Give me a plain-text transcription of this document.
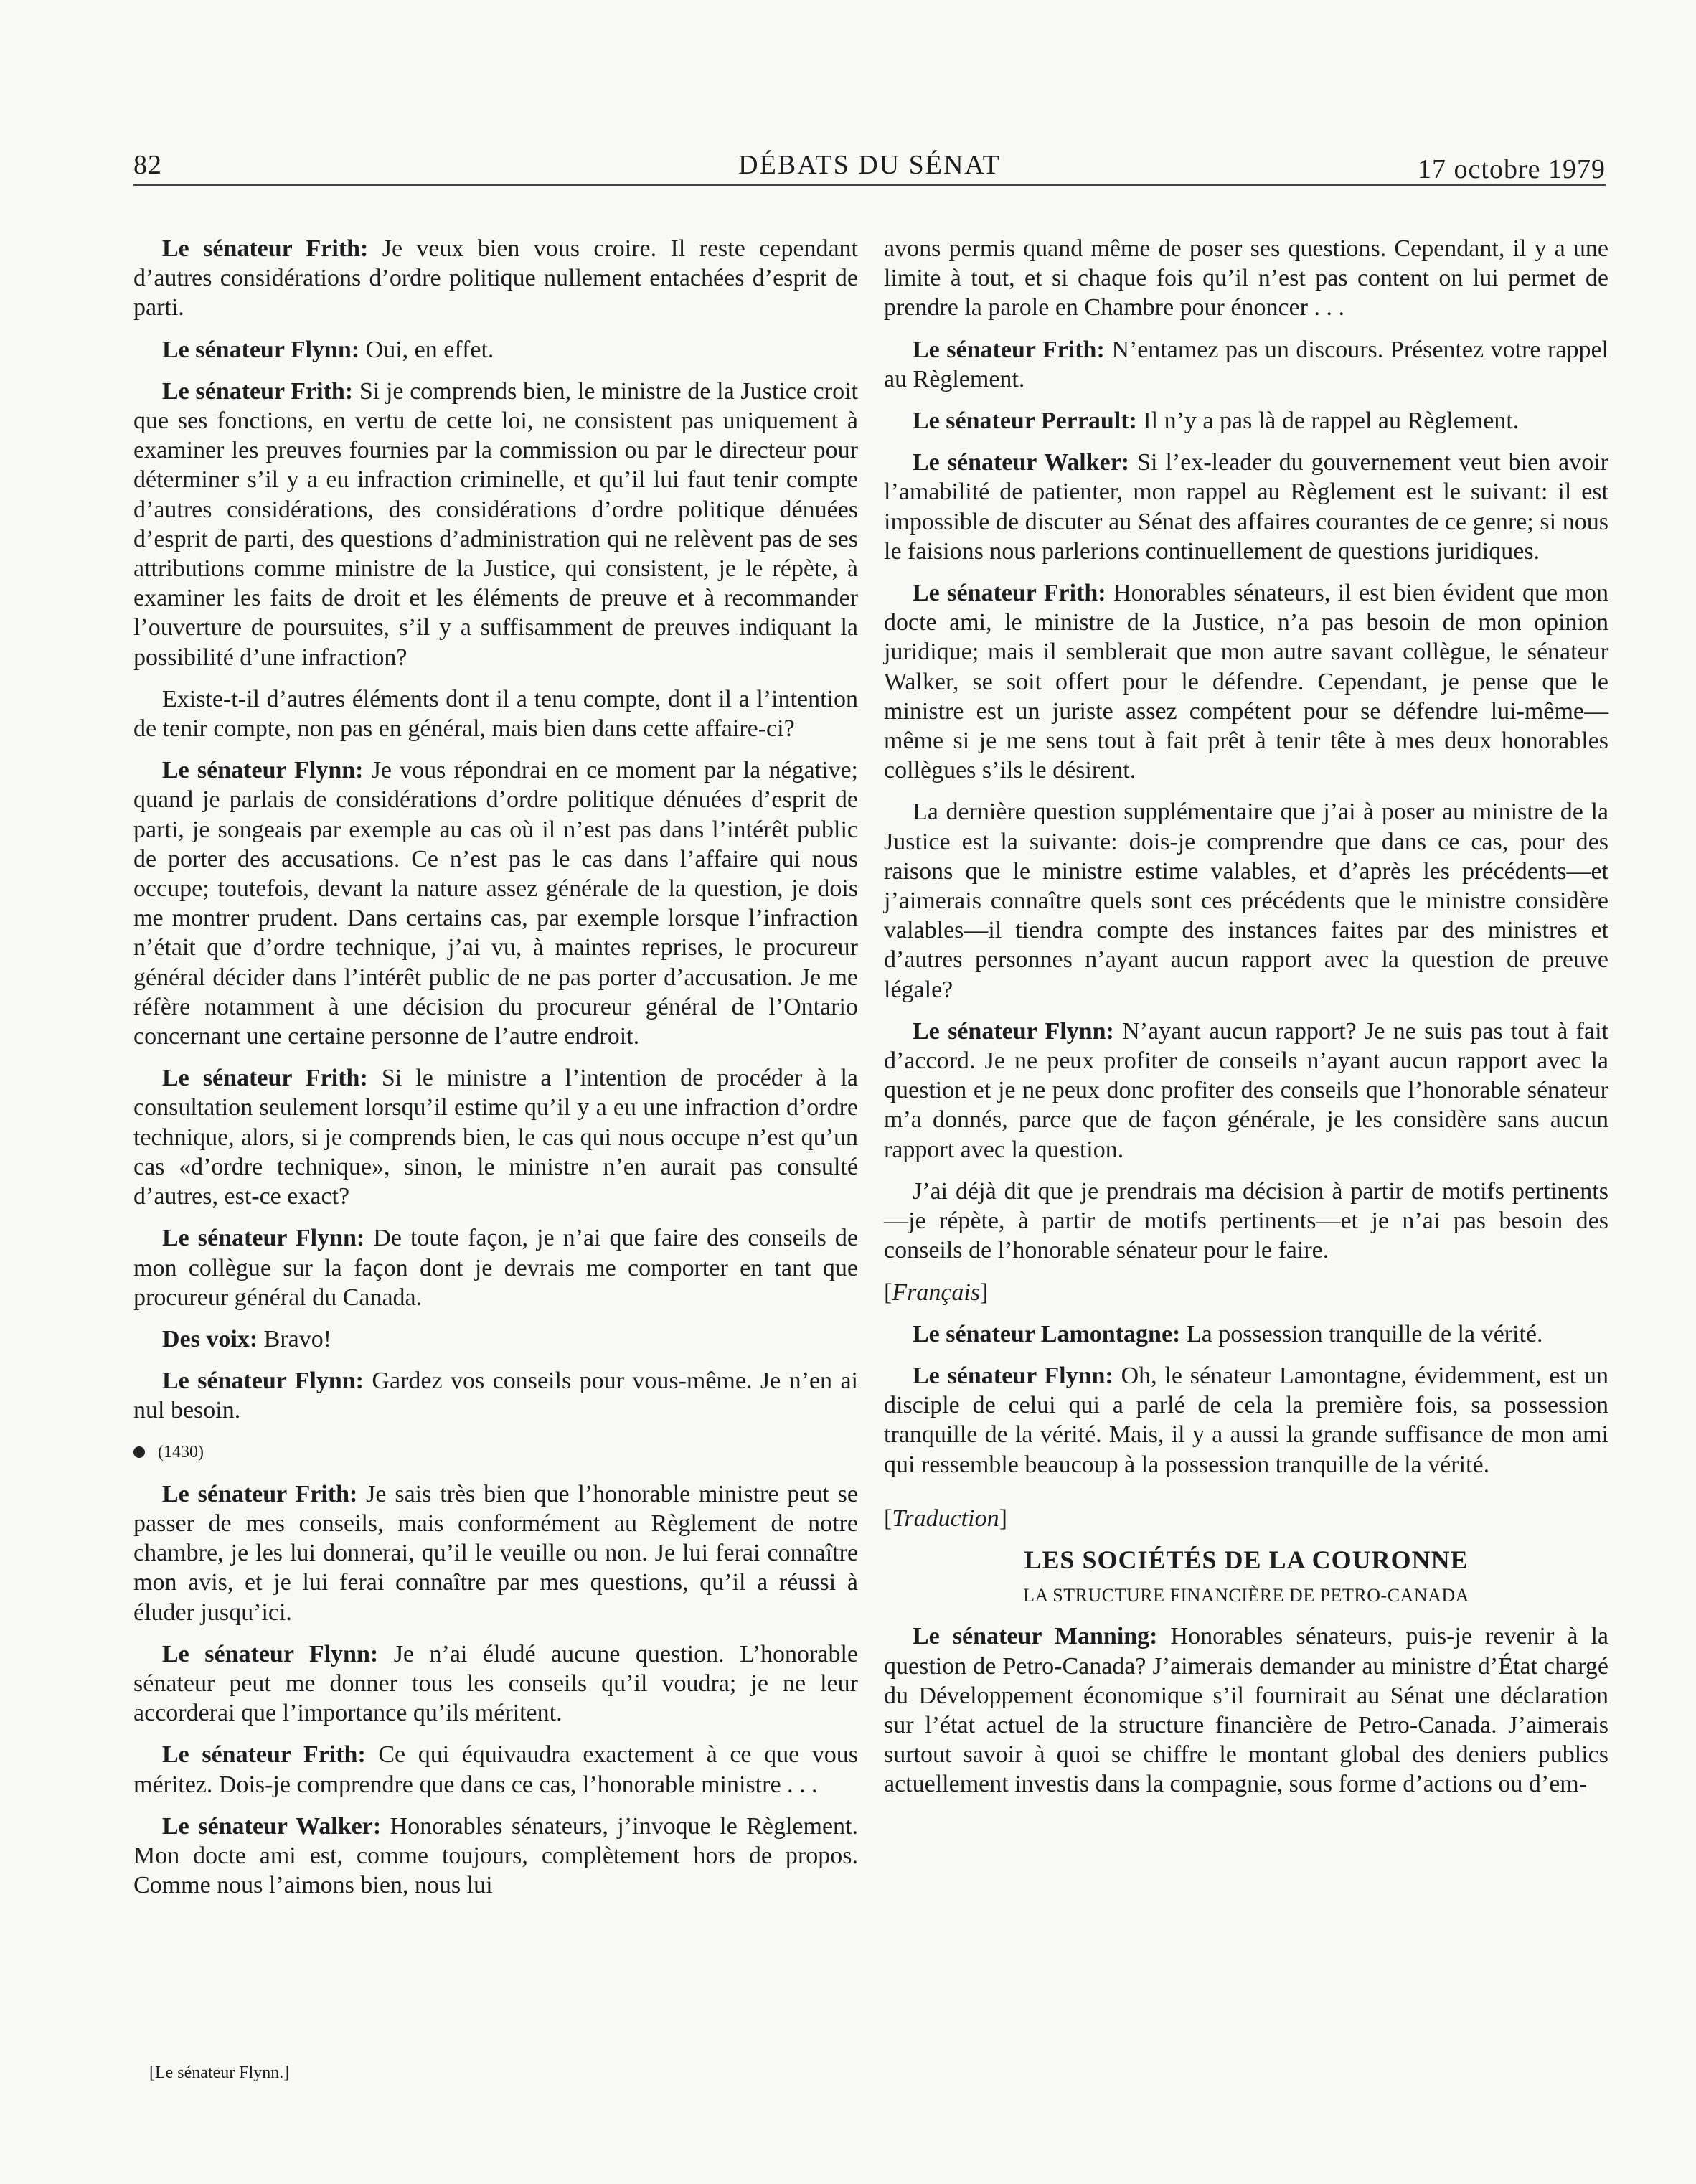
82	DÉBATS DU SÉNAT	17 octobre 1979

Le sénateur Frith: Je veux bien vous croire. Il reste cependant d’autres considérations d’ordre politique nullement entachées d’esprit de parti.

Le sénateur Flynn: Oui, en effet.

Le sénateur Frith: Si je comprends bien, le ministre de la Justice croit que ses fonctions, en vertu de cette loi, ne consistent pas uniquement à examiner les preuves fournies par la commission ou par le directeur pour déterminer s’il y a eu infraction criminelle, et qu’il lui faut tenir compte d’autres considérations, des considérations d’ordre politique dénuées d’esprit de parti, des questions d’administration qui ne relèvent pas de ses attributions comme ministre de la Justice, qui consistent, je le répète, à examiner les faits de droit et les éléments de preuve et à recommander l’ouverture de poursuites, s’il y a suffisamment de preuves indiquant la possibilité d’une infraction?

Existe-t-il d’autres éléments dont il a tenu compte, dont il a l’intention de tenir compte, non pas en général, mais bien dans cette affaire-ci?

Le sénateur Flynn: Je vous répondrai en ce moment par la négative; quand je parlais de considérations d’ordre politique dénuées d’esprit de parti, je songeais par exemple au cas où il n’est pas dans l’intérêt public de porter des accusations. Ce n’est pas le cas dans l’affaire qui nous occupe; toutefois, devant la nature assez générale de la question, je dois me montrer prudent. Dans certains cas, par exemple lorsque l’infraction n’était que d’ordre technique, j’ai vu, à maintes reprises, le procureur général décider dans l’intérêt public de ne pas porter d’accusation. Je me réfère notamment à une décision du procureur général de l’Ontario concernant une certaine personne de l’autre endroit.

Le sénateur Frith: Si le ministre a l’intention de procéder à la consultation seulement lorsqu’il estime qu’il y a eu une infraction d’ordre technique, alors, si je comprends bien, le cas qui nous occupe n’est qu’un cas «d’ordre technique», sinon, le ministre n’en aurait pas consulté d’autres, est-ce exact?

Le sénateur Flynn: De toute façon, je n’ai que faire des conseils de mon collègue sur la façon dont je devrais me comporter en tant que procureur général du Canada.

Des voix: Bravo!

Le sénateur Flynn: Gardez vos conseils pour vous-même. Je n’en ai nul besoin.

(1430)

Le sénateur Frith: Je sais très bien que l’honorable ministre peut se passer de mes conseils, mais conformément au Règlement de notre chambre, je les lui donnerai, qu’il le veuille ou non. Je lui ferai connaître mon avis, et je lui ferai connaître par mes questions, qu’il a réussi à éluder jusqu’ici.

Le sénateur Flynn: Je n’ai éludé aucune question. L’honorable sénateur peut me donner tous les conseils qu’il voudra; je ne leur accorderai que l’importance qu’ils méritent.

Le sénateur Frith: Ce qui équivaudra exactement à ce que vous méritez. Dois-je comprendre que dans ce cas, l’honorable ministre . . .

Le sénateur Walker: Honorables sénateurs, j’invoque le Règlement. Mon docte ami est, comme toujours, complètement hors de propos. Comme nous l’aimons bien, nous lui

avons permis quand même de poser ses questions. Cependant, il y a une limite à tout, et si chaque fois qu’il n’est pas content on lui permet de prendre la parole en Chambre pour énoncer . . .

Le sénateur Frith: N’entamez pas un discours. Présentez votre rappel au Règlement.

Le sénateur Perrault: Il n’y a pas là de rappel au Règlement.

Le sénateur Walker: Si l’ex-leader du gouvernement veut bien avoir l’amabilité de patienter, mon rappel au Règlement est le suivant: il est impossible de discuter au Sénat des affaires courantes de ce genre; si nous le faisions nous parlerions continuellement de questions juridiques.

Le sénateur Frith: Honorables sénateurs, il est bien évident que mon docte ami, le ministre de la Justice, n’a pas besoin de mon opinion juridique; mais il semblerait que mon autre savant collègue, le sénateur Walker, se soit offert pour le défendre. Cependant, je pense que le ministre est un juriste assez compétent pour se défendre lui-même—même si je me sens tout à fait prêt à tenir tête à mes deux honorables collègues s’ils le désirent.

La dernière question supplémentaire que j’ai à poser au ministre de la Justice est la suivante: dois-je comprendre que dans ce cas, pour des raisons que le ministre estime valables, et d’après les précédents—et j’aimerais connaître quels sont ces précédents que le ministre considère valables—il tiendra compte des instances faites par des ministres et d’autres personnes n’ayant aucun rapport avec la question de preuve légale?

Le sénateur Flynn: N’ayant aucun rapport? Je ne suis pas tout à fait d’accord. Je ne peux profiter de conseils n’ayant aucun rapport avec la question et je ne peux donc profiter des conseils que l’honorable sénateur m’a donnés, parce que de façon générale, je les considère sans aucun rapport avec la question.

J’ai déjà dit que je prendrais ma décision à partir de motifs pertinents—je répète, à partir de motifs pertinents—et je n’ai pas besoin des conseils de l’honorable sénateur pour le faire.

[Français]

Le sénateur Lamontagne: La possession tranquille de la vérité.

Le sénateur Flynn: Oh, le sénateur Lamontagne, évidemment, est un disciple de celui qui a parlé de cela la première fois, sa possession tranquille de la vérité. Mais, il y a aussi la grande suffisance de mon ami qui ressemble beaucoup à la possession tranquille de la vérité.

[Traduction]
LES SOCIÉTÉS DE LA COURONNE
LA STRUCTURE FINANCIÈRE DE PETRO-CANADA

Le sénateur Manning: Honorables sénateurs, puis-je revenir à la question de Petro-Canada? J’aimerais demander au ministre d’État chargé du Développement économique s’il fournirait au Sénat une déclaration sur l’état actuel de la structure financière de Petro-Canada. J’aimerais surtout savoir à quoi se chiffre le montant global des deniers publics actuellement investis dans la compagnie, sous forme d’actions ou d’em-

[Le sénateur Flynn.]
